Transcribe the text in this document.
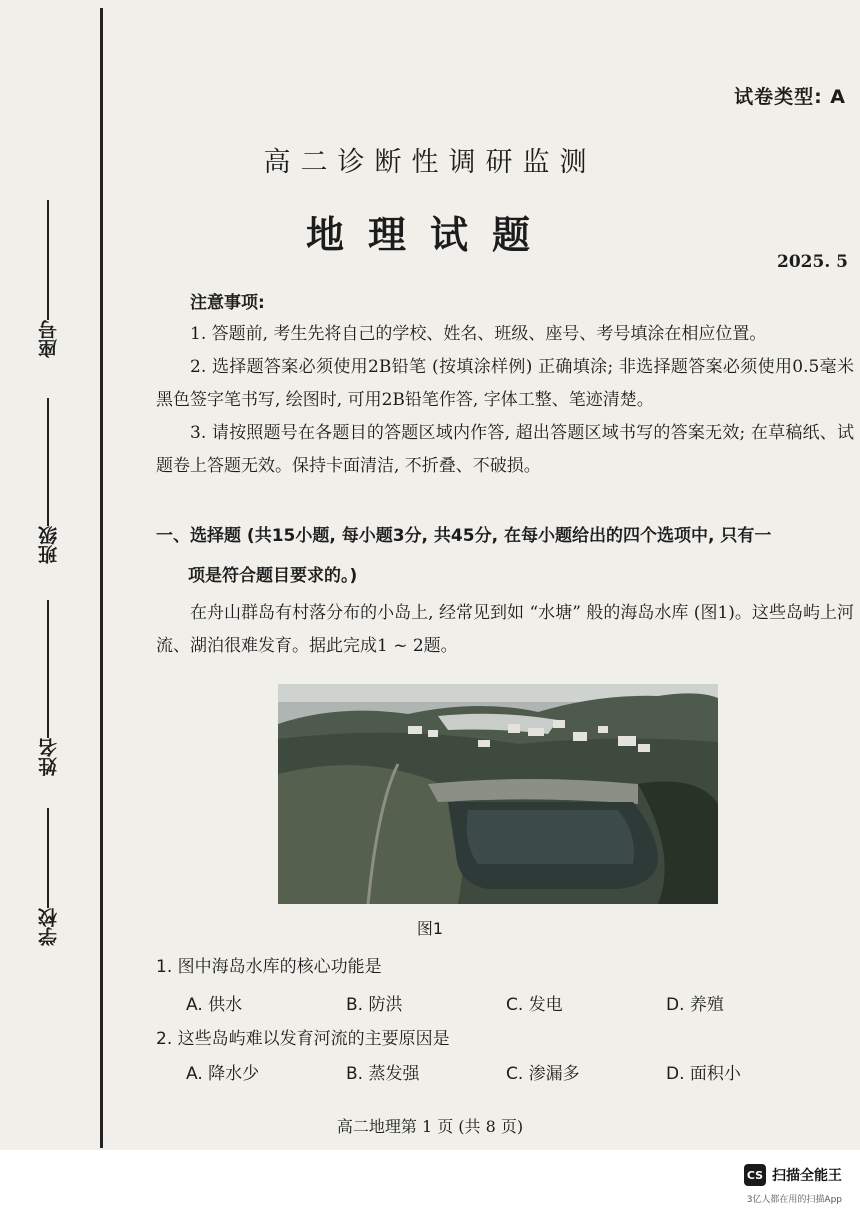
座号
班级
姓名
学校
试卷类型: A
高二诊断性调研监测
地理试题
2025. 5
注意事项:
1. 答题前, 考生先将自己的学校、姓名、班级、座号、考号填涂在相应位置。
2. 选择题答案必须使用2B铅笔 (按填涂样例) 正确填涂; 非选择题答案必须使用0.5毫米黑色签字笔书写, 绘图时, 可用2B铅笔作答, 字体工整、笔迹清楚。
3. 请按照题号在各题目的答题区域内作答, 超出答题区域书写的答案无效; 在草稿纸、试题卷上答题无效。保持卡面清洁, 不折叠、不破损。
一、选择题 (共15小题, 每小题3分, 共45分, 在每小题给出的四个选项中, 只有一
项是符合题目要求的。)
在舟山群岛有村落分布的小岛上, 经常见到如 “水塘” 般的海岛水库 (图1)。这些岛屿上河流、湖泊很难发育。据此完成1 ~ 2题。
图1
1. 图中海岛水库的核心功能是
A. 供水	B. 防洪	C. 发电	D. 养殖
2. 这些岛屿难以发育河流的主要原因是
A. 降水少	B. 蒸发强	C. 渗漏多	D. 面积小
高二地理第 1 页 (共 8 页)
CS 扫描全能王
3亿人都在用的扫描App
